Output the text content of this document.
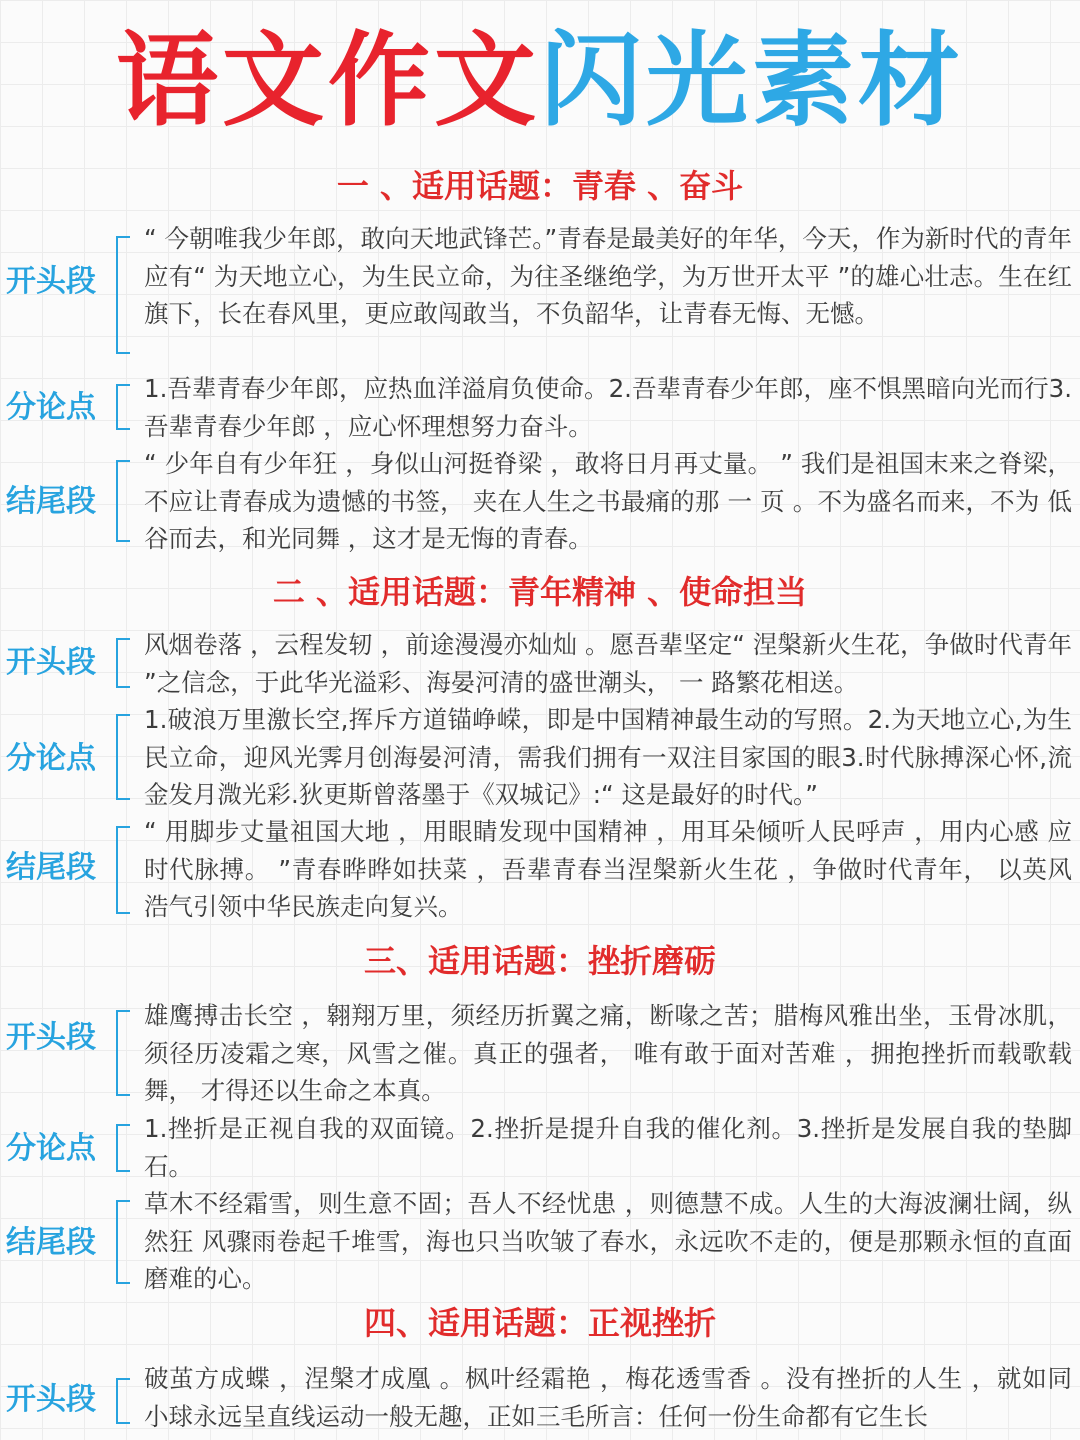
语文作文闪光素材
一 、适用话题：青春 、奋斗
开头段
“ 今朝唯我少年郎，敢向天地武锋芒。”青春是最美好的年华，今天，作为新时代的青年应有“ 为天地立心，为生民立命，为往圣继绝学，为万世开太平 ”的雄心壮志。生在红旗下，长在春风里，更应敢闯敢当，不负韶华，让青春无悔、无憾。
分论点
1.吾辈青春少年郎，应热血洋溢肩负使命。2.吾辈青春少年郎，座不惧黑暗向光而行3.吾辈青春少年郎 ，应心怀理想努力奋斗。
结尾段
“ 少年自有少年狂 ，身似山河挺脊梁 ，敢将日月再丈量。 ” 我们是祖国末来之脊梁，不应让青春成为遗憾的书签， 夹在人生之书最痛的那 一 页 。不为盛名而来，不为 低谷而去，和光同舞 ，这才是无悔的青春。
二 、适用话题：青年精神 、使命担当
开头段
风烟卷落 ，云程发轫 ，前途漫漫亦灿灿 。愿吾辈坚定“ 涅槃新火生花，争做时代青年 ”之信念，于此华光溢彩、海晏河清的盛世潮头， 一 路繁花相送。
分论点
1.破浪万里激长空,挥斥方道锚峥嵘，即是中国精神最生动的写照。2.为天地立心,为生民立命，迎风光霁月创海晏河清，需我们拥有一双注目家国的眼3.时代脉搏深心怀,流金发月溦光彩.狄更斯曾落墨于《双城记》:“ 这是最好的时代。”
结尾段
“ 用脚步丈量祖国大地 ，用眼睛发现中国精神 ，用耳朵倾听人民呼声 ，用内心感 应时代脉搏。 ”青春晔晔如扶菜 ，吾辈青春当涅槃新火生花 ，争做时代青年， 以英风 浩气引领中华民族走向复兴。
三、适用话题：挫折磨砺
开头段
雄鹰搏击长空 ，翱翔万里，须经历折翼之痛，断喙之苦；腊梅风雅出坐，玉骨冰肌，须径历凌霜之寒，风雪之催。真正的强者， 唯有敢于面对苦难 ，拥抱挫折而载歌载舞， 才得还以生命之本真。
分论点
1.挫折是正视自我的双面镜。2.挫折是提升自我的催化剂。3.挫折是发展自我的垫脚石。
结尾段
草木不经霜雪，则生意不固；吾人不经忧患 ，则德慧不成。人生的大海波澜壮阔，纵然狂 风骤雨卷起千堆雪，海也只当吹皱了春水，永远吹不走的，便是那颗永恒的直面磨难的心。
四、适用话题：正视挫折
开头段
破茧方成蝶 ，涅槃才成凰 。枫叶经霜艳 ，梅花透雪香 。没有挫折的人生 ，就如同 小球永远呈直线运动一般无趣，正如三毛所言：任何一份生命都有它生长
